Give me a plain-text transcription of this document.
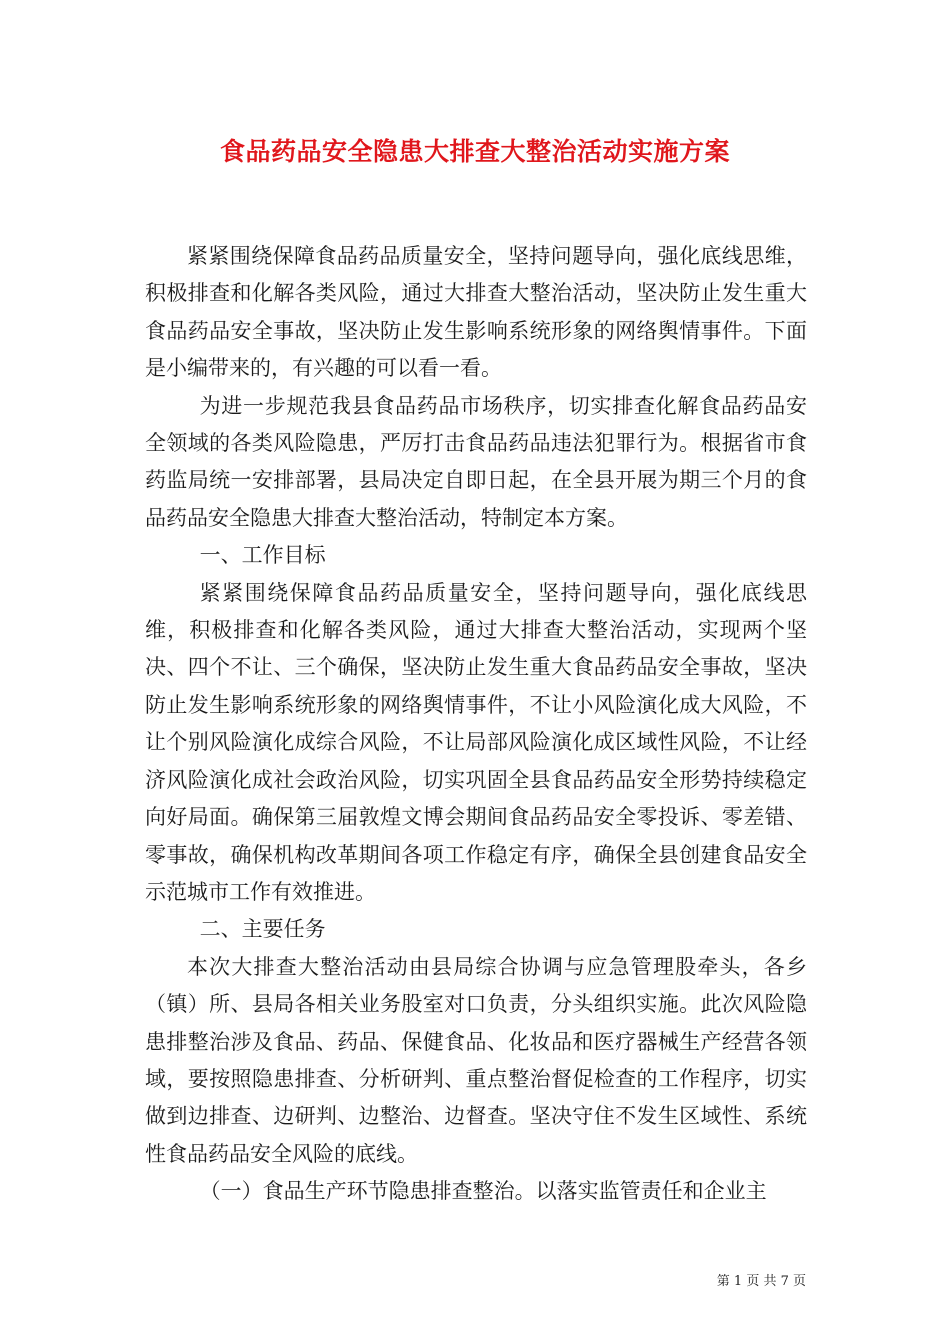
食品药品安全隐患大排查大整治活动实施方案

紧紧围绕保障食品药品质量安全，坚持问题导向，强化底线思维，积极排查和化解各类风险，通过大排查大整治活动，坚决防止发生重大食品药品安全事故，坚决防止发生影响系统形象的网络舆情事件。下面是小编带来的，有兴趣的可以看一看。

为进一步规范我县食品药品市场秩序，切实排查化解食品药品安全领域的各类风险隐患，严厉打击食品药品违法犯罪行为。根据省市食药监局统一安排部署，县局决定自即日起，在全县开展为期三个月的食品药品安全隐患大排查大整治活动，特制定本方案。

一、工作目标

紧紧围绕保障食品药品质量安全，坚持问题导向，强化底线思维，积极排查和化解各类风险，通过大排查大整治活动，实现两个坚决、四个不让、三个确保，坚决防止发生重大食品药品安全事故，坚决防止发生影响系统形象的网络舆情事件，不让小风险演化成大风险，不让个别风险演化成综合风险，不让局部风险演化成区域性风险，不让经济风险演化成社会政治风险，切实巩固全县食品药品安全形势持续稳定向好局面。确保第三届敦煌文博会期间食品药品安全零投诉、零差错、零事故，确保机构改革期间各项工作稳定有序，确保全县创建食品安全示范城市工作有效推进。

二、主要任务

本次大排查大整治活动由县局综合协调与应急管理股牵头，各乡（镇）所、县局各相关业务股室对口负责，分头组织实施。此次风险隐患排整治涉及食品、药品、保健食品、化妆品和医疗器械生产经营各领域，要按照隐患排查、分析研判、重点整治督促检查的工作程序，切实做到边排查、边研判、边整治、边督查。坚决守住不发生区域性、系统性食品药品安全风险的底线。

（一）食品生产环节隐患排查整治。以落实监管责任和企业主

第 1 页 共 7 页
